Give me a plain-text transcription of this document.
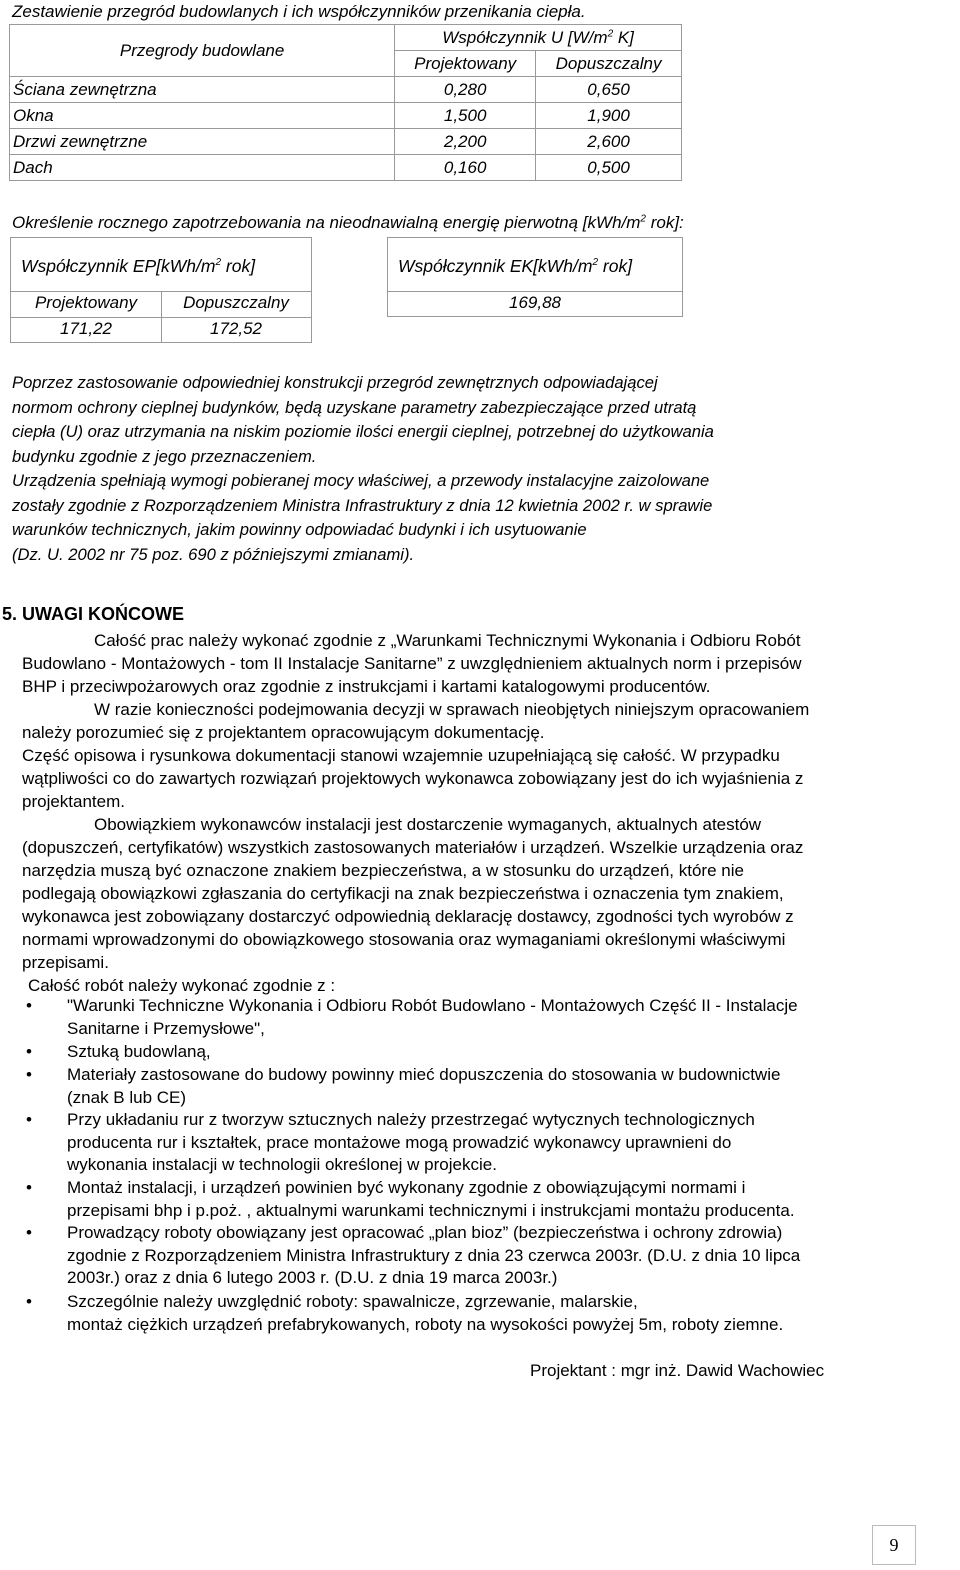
Zestawienie przegród budowlanych i ich współczynników przenikania ciepła.
Przegrody budowlane	Współczynnik U [$W/m^2$ K]	
	Projektowany	Dopuszczalny
Ściana zewnętrzna	0,280	0,650
Okna	1,500	1,900
Drzwi zewnętrzne	2,200	2,600
Dach	0,160	0,500
Określenie rocznego zapotrzebowania na nieodnawialną energię pierwotną [$kWh/m^2$ rok]:
Współczynnik $EP[kWh/m^2$ rok]
Projektowany	Dopuszczalny
171,22	172,52
Współczynnik $EK[kWh/m^2$ rok]
169,88
Poprzez zastosowanie odpowiedniej konstrukcji przegród zewnętrznych odpowiadającej
normom ochrony cieplnej budynków, będą uzyskane parametry zabezpieczające przed utratą
ciepła (U) oraz utrzymania na niskim poziomie ilości energii cieplnej, potrzebnej do użytkowania
budynku zgodnie z jego przeznaczeniem.
Urządzenia spełniają wymogi pobieranej mocy właściwej, a przewody instalacyjne zaizolowane
zostały zgodnie z Rozporządzeniem Ministra Infrastruktury z dnia 12 kwietnia 2002 r. w sprawie
warunków technicznych, jakim powinny odpowiadać budynki i ich usytuowanie
(Dz. U. 2002 nr 75 poz. 690 z późniejszymi zmianami).
5. UWAGI KOŃCOWE
Całość prac należy wykonać zgodnie z „Warunkami Technicznymi Wykonania i Odbioru Robót
Budowlano - Montażowych - tom II Instalacje Sanitarne” z uwzględnieniem aktualnych norm i przepisów
BHP i przeciwpożarowych oraz zgodnie z instrukcjami i kartami katalogowymi producentów.
W razie konieczności podejmowania decyzji w sprawach nieobjętych niniejszym opracowaniem
należy porozumieć się z projektantem opracowującym dokumentację.
Część opisowa i rysunkowa dokumentacji stanowi wzajemnie uzupełniającą się całość. W przypadku
wątpliwości co do zawartych rozwiązań projektowych wykonawca zobowiązany jest do ich wyjaśnienia z
projektantem.
Obowiązkiem wykonawców instalacji jest dostarczenie wymaganych, aktualnych atestów
(dopuszczeń, certyfikatów) wszystkich zastosowanych materiałów i urządzeń. Wszelkie urządzenia oraz
narzędzia muszą być oznaczone znakiem bezpieczeństwa, a w stosunku do urządzeń, które nie
podlegają obowiązkowi zgłaszania do certyfikacji na znak bezpieczeństwa i oznaczenia tym znakiem,
wykonawca jest zobowiązany dostarczyć odpowiednią deklarację dostawcy, zgodności tych wyrobów z
normami wprowadzonymi do obowiązkowego stosowania oraz wymaganiami określonymi właściwymi
przepisami.
Całość robót należy wykonać zgodnie z :
• "Warunki Techniczne Wykonania i Odbioru Robót Budowlano - Montażowych Część II - Instalacje
Sanitarne i Przemysłowe",
• Sztuką budowlaną,
• Materiały zastosowane do budowy powinny mieć dopuszczenia do stosowania w budownictwie
(znak B lub CE)
• Przy układaniu rur z tworzyw sztucznych należy przestrzegać wytycznych technologicznych
producenta rur i kształtek, prace montażowe mogą prowadzić wykonawcy uprawnieni do
wykonania instalacji w technologii określonej w projekcie.
• Montaż instalacji, i urządzeń powinien być wykonany zgodnie z obowiązującymi normami i
przepisami bhp i p.poż. , aktualnymi warunkami technicznymi i instrukcjami montażu producenta.
• Prowadzący roboty obowiązany jest opracować „plan bioz” (bezpieczeństwa i ochrony zdrowia)
zgodnie z Rozporządzeniem Ministra Infrastruktury z dnia 23 czerwca 2003r. (D.U. z dnia 10 lipca
2003r.) oraz z dnia 6 lutego 2003 r. (D.U. z dnia 19 marca 2003r.)
• Szczególnie należy uwzględnić roboty: spawalnicze, zgrzewanie, malarskie,
montaż ciężkich urządzeń prefabrykowanych, roboty na wysokości powyżej 5m, roboty ziemne.
Projektant : mgr inż. Dawid Wachowiec
9
